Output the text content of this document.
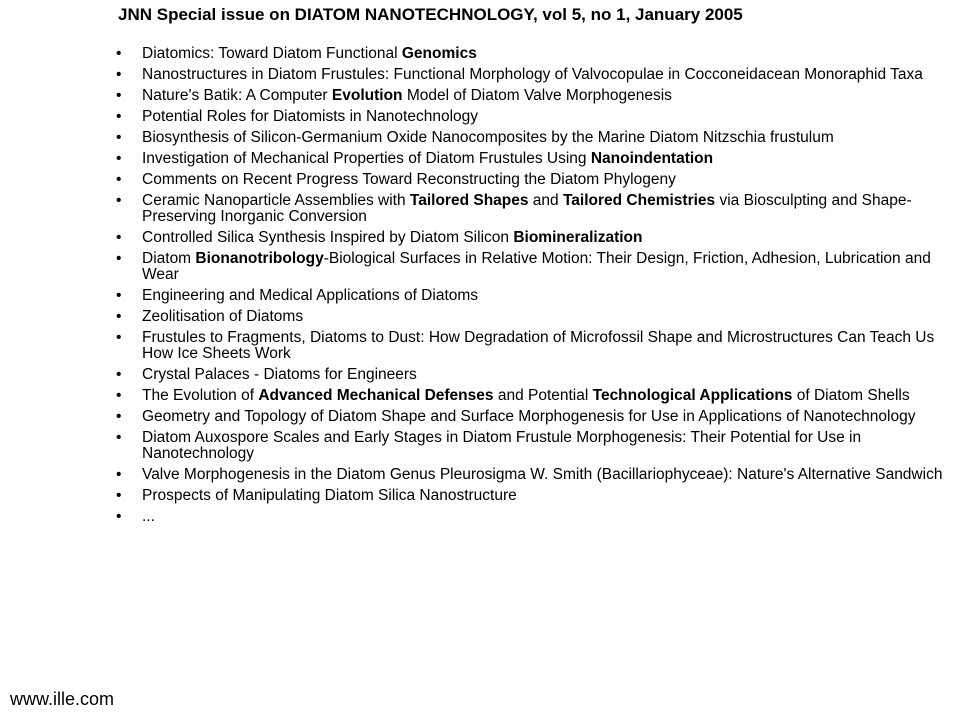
JNN Special issue on DIATOM NANOTECHNOLOGY, vol 5, no 1, January 2005
• Diatomics: Toward Diatom Functional Genomics
• Nanostructures in Diatom Frustules: Functional Morphology of Valvocopulae in Cocconeidacean Monoraphid Taxa
• Nature's Batik: A Computer Evolution Model of Diatom Valve Morphogenesis
• Potential Roles for Diatomists in Nanotechnology
• Biosynthesis of Silicon-Germanium Oxide Nanocomposites by the Marine Diatom Nitzschia frustulum
• Investigation of Mechanical Properties of Diatom Frustules Using Nanoindentation
• Comments on Recent Progress Toward Reconstructing the Diatom Phylogeny
• Ceramic Nanoparticle Assemblies with Tailored Shapes and Tailored Chemistries via Biosculpting and Shape-Preserving Inorganic Conversion
• Controlled Silica Synthesis Inspired by Diatom Silicon Biomineralization
• Diatom Bionanotribology-Biological Surfaces in Relative Motion: Their Design, Friction, Adhesion, Lubrication and Wear
• Engineering and Medical Applications of Diatoms
• Zeolitisation of Diatoms
• Frustules to Fragments, Diatoms to Dust: How Degradation of Microfossil Shape and Microstructures Can Teach Us How Ice Sheets Work
• Crystal Palaces - Diatoms for Engineers
• The Evolution of Advanced Mechanical Defenses and Potential Technological Applications of Diatom Shells
• Geometry and Topology of Diatom Shape and Surface Morphogenesis for Use in Applications of Nanotechnology
• Diatom Auxospore Scales and Early Stages in Diatom Frustule Morphogenesis: Their Potential for Use in Nanotechnology
• Valve Morphogenesis in the Diatom Genus Pleurosigma W. Smith (Bacillariophyceae): Nature's Alternative Sandwich
• Prospects of Manipulating Diatom Silica Nanostructure
• ...
www.ille.com
